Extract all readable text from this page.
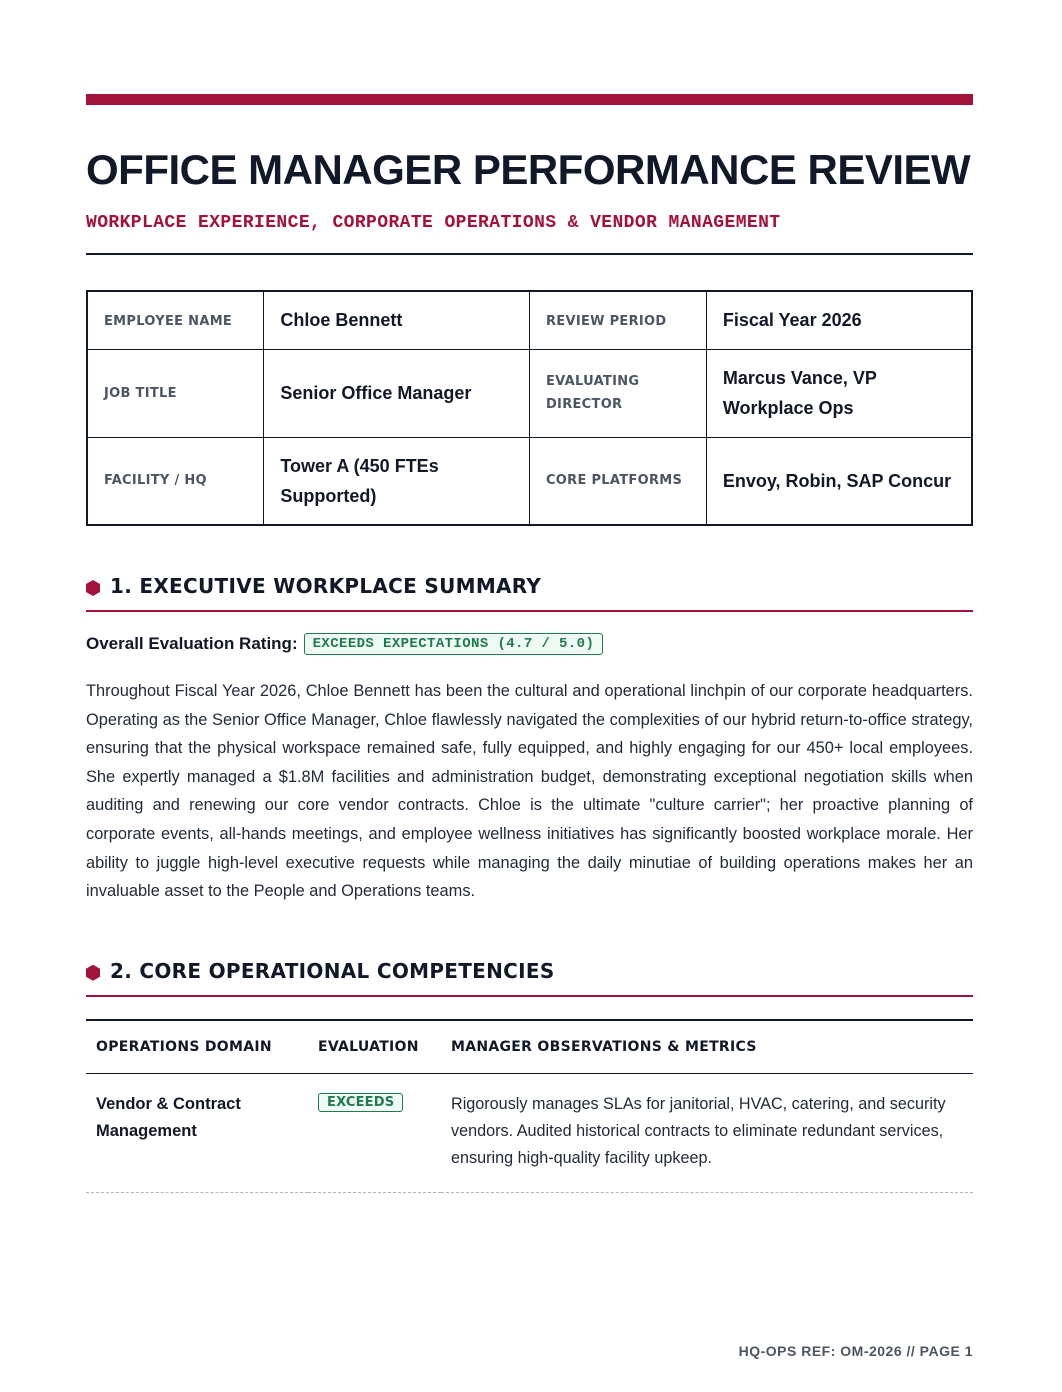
OFFICE MANAGER PERFORMANCE REVIEW
WORKPLACE EXPERIENCE, CORPORATE OPERATIONS & VENDOR MANAGEMENT
EMPLOYEE NAME	Chloe Bennett	REVIEW PERIOD	Fiscal Year 2026
JOB TITLE	Senior Office Manager	EVALUATING DIRECTOR	Marcus Vance, VP Workplace Ops
FACILITY / HQ	Tower A (450 FTEs Supported)	CORE PLATFORMS	Envoy, Robin, SAP Concur
1. EXECUTIVE WORKPLACE SUMMARY
Overall Evaluation Rating:	EXCEEDS EXPECTATIONS (4.7 / 5.0)

Throughout Fiscal Year 2026, Chloe Bennett has been the cultural and operational linchpin of our corporate headquarters. Operating as the Senior Office Manager, Chloe flawlessly navigated the complexities of our hybrid return-to-office strategy, ensuring that the physical workspace remained safe, fully equipped, and highly engaging for our 450+ local employees. She expertly managed a $1.8M facilities and administration budget, demonstrating exceptional negotiation skills when auditing and renewing our core vendor contracts. Chloe is the ultimate "culture carrier"; her proactive planning of corporate events, all-hands meetings, and employee wellness initiatives has significantly boosted workplace morale. Her ability to juggle high-level executive requests while managing the daily minutiae of building operations makes her an invaluable asset to the People and Operations teams.

2. CORE OPERATIONAL COMPETENCIES
OPERATIONS DOMAIN	EVALUATION	MANAGER OBSERVATIONS & METRICS
Vendor & Contract Management	EXCEEDS	Rigorously manages SLAs for janitorial, HVAC, catering, and security vendors. Audited historical contracts to eliminate redundant services, ensuring high-quality facility upkeep.
HQ-OPS REF: OM-2026 // PAGE 1
